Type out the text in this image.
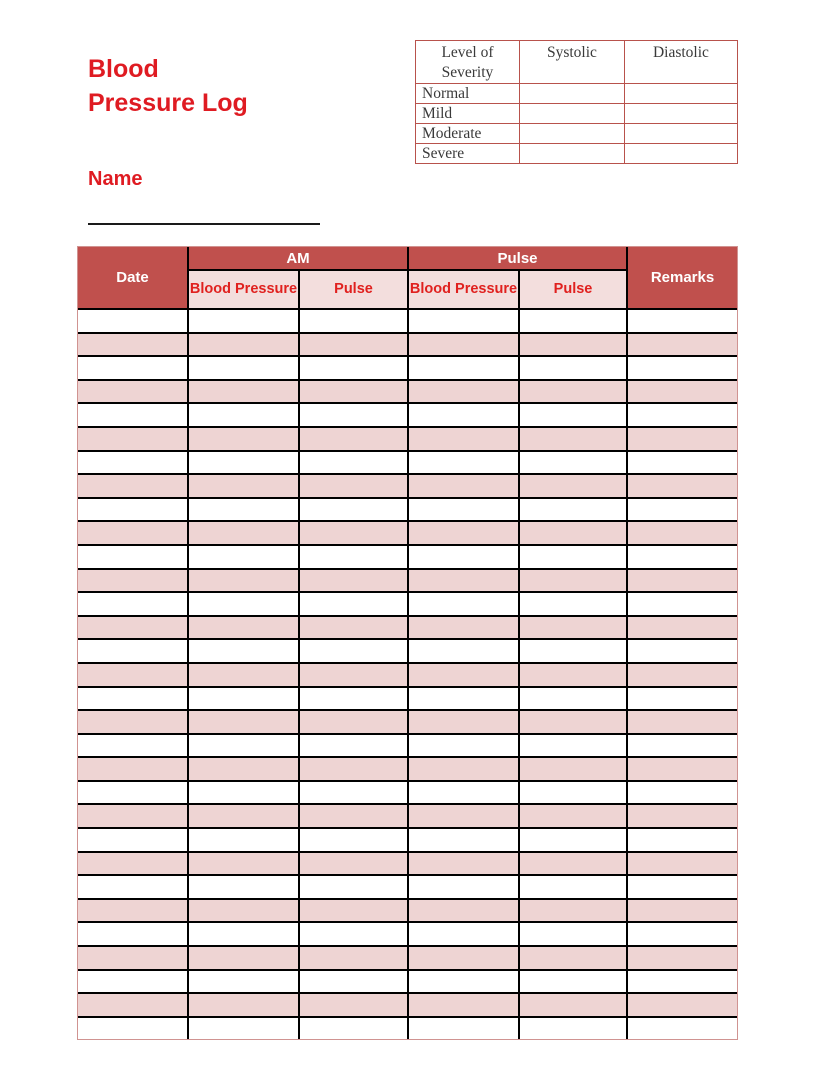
Blood
Pressure Log
Level of Severity	Systolic	Diastolic
Normal		
Mild		
Moderate		
Severe		
Name
Date	AM		Pulse		Remarks
	Blood Pressure	Pulse	Blood Pressure	Pulse	
